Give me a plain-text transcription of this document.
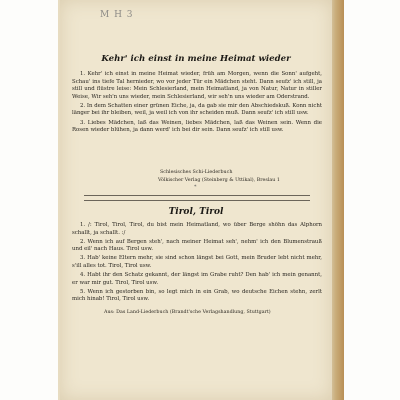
M H 3
Kehr' ich einst in meine Heimat wieder

1. Kehr' ich einst in meine Heimat wieder, früh am Morgen, wenn die Sonn' aufgeht, Schau' ins tiefe Tal hernieder, wo vor jeder Tür ein Mädchen steht. Dann seufz' ich still, ja still und flüstre leise: Mein Schlesierland, mein Heimatland, ja von Natur, Natur in stiller Weise, Wir seh'n uns wieder, mein Schlesierland, wir seh'n uns wieder am Oderstrand.

2. In dem Schatten einer grünen Eiche, ja, da gab sie mir den Abschiedskuß. Konn nicht länger bei ihr bleiben, weil, ja weil ich von ihr scheiden muß. Dann seufz' ich still usw.

3. Liebes Mädchen, laß das Weinen, liebes Mädchen, laß das Weinen sein. Wenn die Rosen wieder blühen, ja dann werd' ich bei dir sein. Dann seufz' ich still usw.

Schlesisches Schi-Liederbuch

Völkischer Verlag (Steinberg & Uttikal), Breslau 1

*
Tirol, Tirol

1. /: Tirol, Tirol, Tirol, du bist mein Heimatland, wo über Berge shöhn das Alphorn schallt, ja schallt. :/

2. Wenn ich auf Bergen steh', nach meiner Heimat seh', nehm' ich den Blumenstrauß und eil' nach Haus. Tirol usw.

3. Hab' keine Eltern mehr, sie sind schon längst bei Gott, mein Bruder lebt nicht mehr, s'ill alles tot. Tirol, Tirol usw.

4. Habt ihr den Schatz gekannt, der längst im Grabe ruht? Den hab' ich mein genannt, er war mir gut. Tirol, Tirol usw.

5. Wenn ich gestorben bin, so legt mich in ein Grab, wo deutsche Eichen stehn, zerlt mich hinab! Tirol, Tirol usw.

Aus: Das Land-Liederbuch (Brandt'sche Verlagshandlung, Stuttgart)
